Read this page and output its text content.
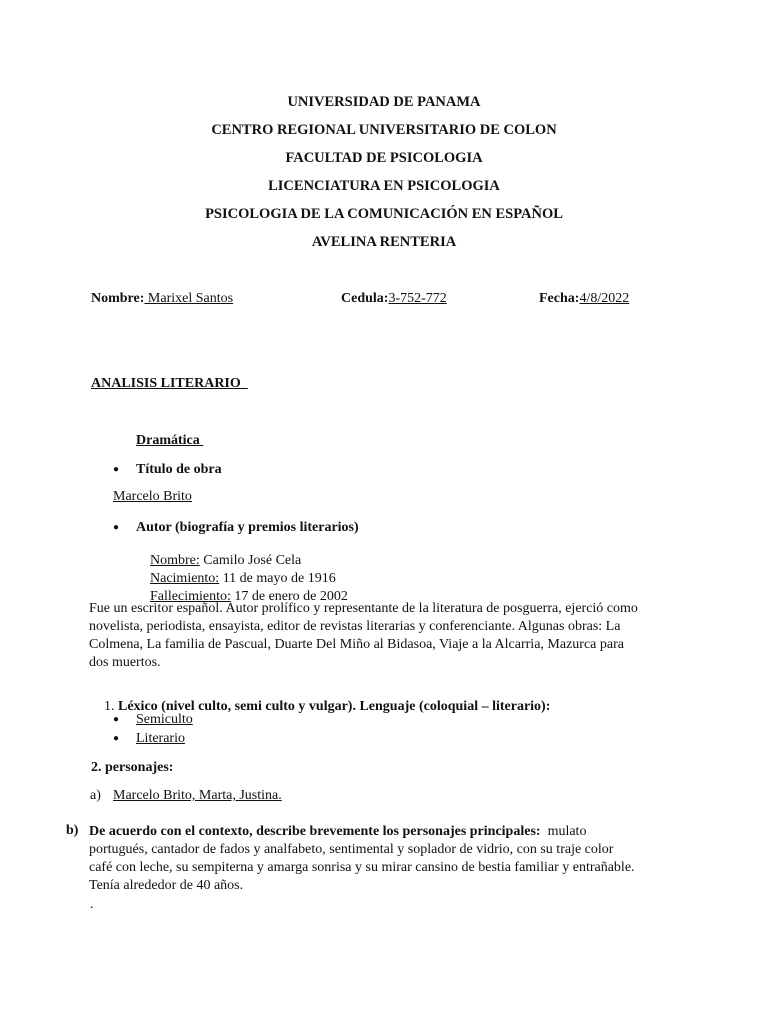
UNIVERSIDAD DE PANAMA
CENTRO REGIONAL UNIVERSITARIO DE COLON
FACULTAD DE PSICOLOGIA
LICENCIATURA EN PSICOLOGIA
PSICOLOGIA DE LA COMUNICACIÓN EN ESPAÑOL
AVELINA RENTERIA
Nombre: Marixel Santos	Cedula:3-752-772	Fecha:4/8/2022
ANALISIS LITERARIO
Dramática
● Título de obra
Marcelo Brito
● Autor (biografía y premios literarios)

Nombre: Camilo José Cela

Nacimiento: 11 de mayo de 1916

Fallecimiento: 17 de enero de 2002

Fue un escritor español. Autor prolífico y representante de la literatura de posguerra, ejerció como novelista, periodista, ensayista, editor de revistas literarias y conferenciante. Algunas obras: La Colmena, La familia de Pascual, Duarte Del Miño al Bidasoa, Viaje a la Alcarria, Mazurca para dos muertos.

1. Léxico (nivel culto, semi culto y vulgar). Lenguaje (coloquial – literario):

● Semiculto
● Literario
2. personajes:
a) Marcelo Brito, Marta, Justina.
b) De acuerdo con el contexto, describe brevemente los personajes principales:  mulato portugués, cantador de fados y analfabeto, sentimental y soplador de vidrio, con su traje color café con leche, su sempiterna y amarga sonrisa y su mirar cansino de bestia familiar y entrañable. Tenía alrededor de 40 años.
.
